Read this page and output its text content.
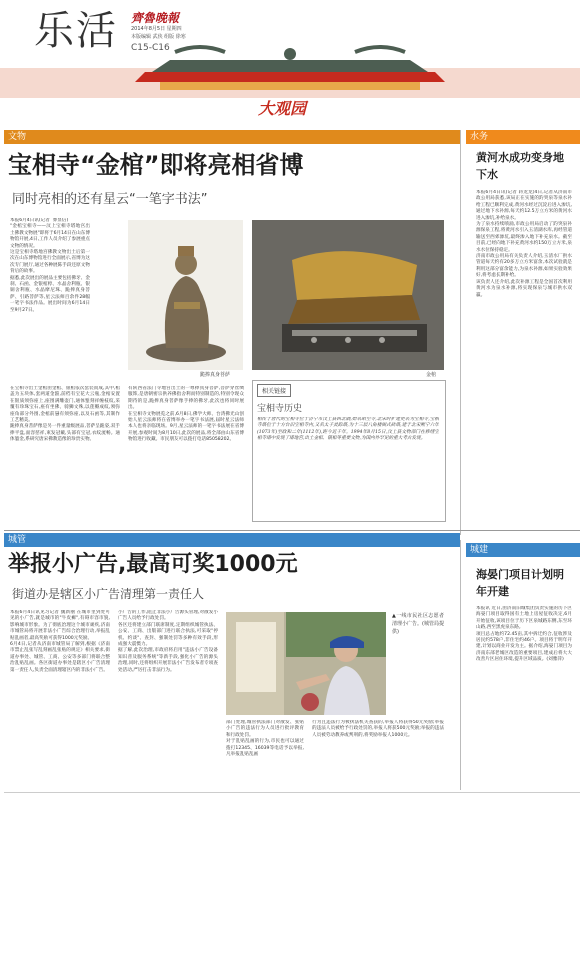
乐活 齊魯晚報
2014年8月5日 星期四
本版编辑 武侠 组版 徐寒
C15-C16
大观园
文物
宝相寺“金棺”即将亮相省博
同时亮相的还有星云“一笔字书法”
本报6月4日讯(记者  葬显信)
"金棺宝相寺——汶上宝相寺塔地宫出土佛教文物展"即将于6月14日在山东博物馆开展,4日,工作人员介绍了参展重点文物的情况。
这是宝相寺塔地宫佛教文物出土后第一次在山东博物馆进行全面展示,省博为这次专门展厅,通过各种展陈手段还原文物背后的故事。
据悉,此次展出的展品主要包括佛牙、金刹、石函、金银棺椁、水晶舍利瓶、银铜舍利瓶、水晶摩尼珠、跪捧真身菩萨、引路菩萨等,星云法师百余件28幅一笔字书法作品。展出时间为6月14日至9月27日。
跪捧真身菩萨	金棺
在宝相寺出土金棺由金棺、银棺依次套装而成,其中,棺盖为五块体,套两道金箍,前档有宝花大云瓶,金棺安置在银质须弥座上,座围满雕壶门,通体錾刻祥缠枝纹,采覆有珍珠宝石,座有坐佛、骑狮文殊,以莲瓣成纹,须弥座角部分外围,金棺前悬有须弥座,以及石函等,其制作工艺精美。
跪捧真身菩萨像是另一件重量级展品,菩萨呈跪姿,双手捧平盘,面容慈祥,束发冠戴,头部有宝冠,衣纹流畅。通体鎏金,系研究唐宋佛教造像的珍贵实物。
有陕西省法门寺地宫出土的一尊捧真身菩萨,菩萨穿丝绸服饰,是唐朝密宗供养佛指舍利而特别制造的,特别令现众期待的是,跪捧真身菩萨像手捧的佛牙,此次也将同时展出。
在宝相寺文物展览之前,6月8日,佛学大师、台湾佛光山创始人星云法师将在省博举办一笔字书法展,届时星云法师本人也将亲临现场。9月,星云法师的一笔字书法展在省博开展,参观时间为8月10日,此次的展品,将全部由山东省博物馆进行收藏。市民朋友可以拨打电话85058202。
相关链接
宝相寺历史
相传于唐代的宝相寺位于济宁市汶上县西北隅,始名昭空寺,北宋时扩建更名为宝相寺,宝相寺塔位于十方台旧宝相寺内,又名太子灵踪塔,为十三层八角楼阁式砖塔,建于北宋熙宁六年(1073年)至政和二年(1112年),距今近千年。1994年8月15日,汶上县文物部门在修缮宝相寺塔中发现了塔地宫,出土金棺、银棺等重要文物,为国内外罕见的重大考古发现。
水务
黄河水成功变身地下水
本报6月4日讯(记者 蒋龙龙)4日,记者从济南市政公用局获悉,该局正在实施的趵突泉等泉水补给工程已顺利完成,黄河水经过沉淀后进入渗坑,通过地下水补源,每天约12.5万立方米的黄河水进入渗坑,补给泉水。
为了泉水持续喷涌,市政公用局启动了趵突泉补源保泉工程,将黄河水引入玉清湖水库,再经管道输送至西郊渗坑,最终渗入地下补充泉水。截至目前,已经向地下补充黄河水约150万立方米,泉水水位保持稳定。
济南市政公用局有关负责人介绍,玉清水厂供水管道每天约有20多万立方米富余,本次试验就是利用这部分富余能力,为泉水补源,如果实验效果好,将考虑长期补给。
该负责人还介绍,此次补源工程是全国首次利用黄河水为泉水补源,将实现保泉与城市供水双赢。
城管
举报小广告,最高可奖1000元
街道办是辖区小广告清理第一责任人
本报6月4日讯见习记者 魏新丽 在城市里到处可见的小广告,就是城市的"牛皮癣",有碍市容市貌,影响城市形象。为了彻底治理这个城市顽疾,济南市城管局将开展非法小广告综合治理行动,举报乱贴乱画者,最高奖励可获得1000元奖励。
6月4日,记者从济南市城管局了解到,根据《济南市禁止乱张写乱刻画乱张贴的规定》相关要求,街道办事处、城管、工商、公安等多部门将联合整治乱贴乱画。各区街道办事处是辖区小广告清理第一责任人,负责全面清理辖区内的非法小广告。
小广告的工作,阻止非法小广告源头管理,对散发小广告人员给予行政处罚。
各区还将建立部门联席制度,定期组织城管执法、公安、工商、出版部门进行联合执法,可采取"停机、约谈"、查封、强制处罚等多种有效手段,形成强大震慑力。
据了解,此次治理,市政府将启用"违法小广告设备知识普及服务系统"等新手段,强化小广告的源头治理,同时,还将组织开展非法小广告发布者专项查处活动,严厉打击非法行为。
▲一线市民社区志愿者清理小广告。(城管局提供)
部门处理,城管执法部门对散发、张贴小广告的违法行为人员进行批评教育和行政处罚。
对于乱贴乱画的行为,市民也可以通过拨打12345、16039等电话予以举报,凡举报乱贴乱画
行为且违法行为被执法机关查获的,举报人将获得50元奖励;举报的违法人员被给予行政处罚的,举报人将获500元奖励;举报的违法人员被劳动教养或判刑的,将奖励举报人1000元。
城建
海晏门项目计划明年开建
本报讯 近日,由济南旧城集团负责实施的历下区海晏门项目取得国有土地上房屋征收决定,6月开始征收,该项目位于历下区泉城路东侧,东至环山路,西至黑虎泉东路。
项目总占地约72.45亩,其中拆迁约合,征收涉及居民约578户,非住宅约46户。项目将于明年开建,计划以商业开发为主。据介绍,海晏门项目为济南东部老城区改造的重要项目,建成后将大大改善片区居住环境,提升区域品质。(刘雅萍)
